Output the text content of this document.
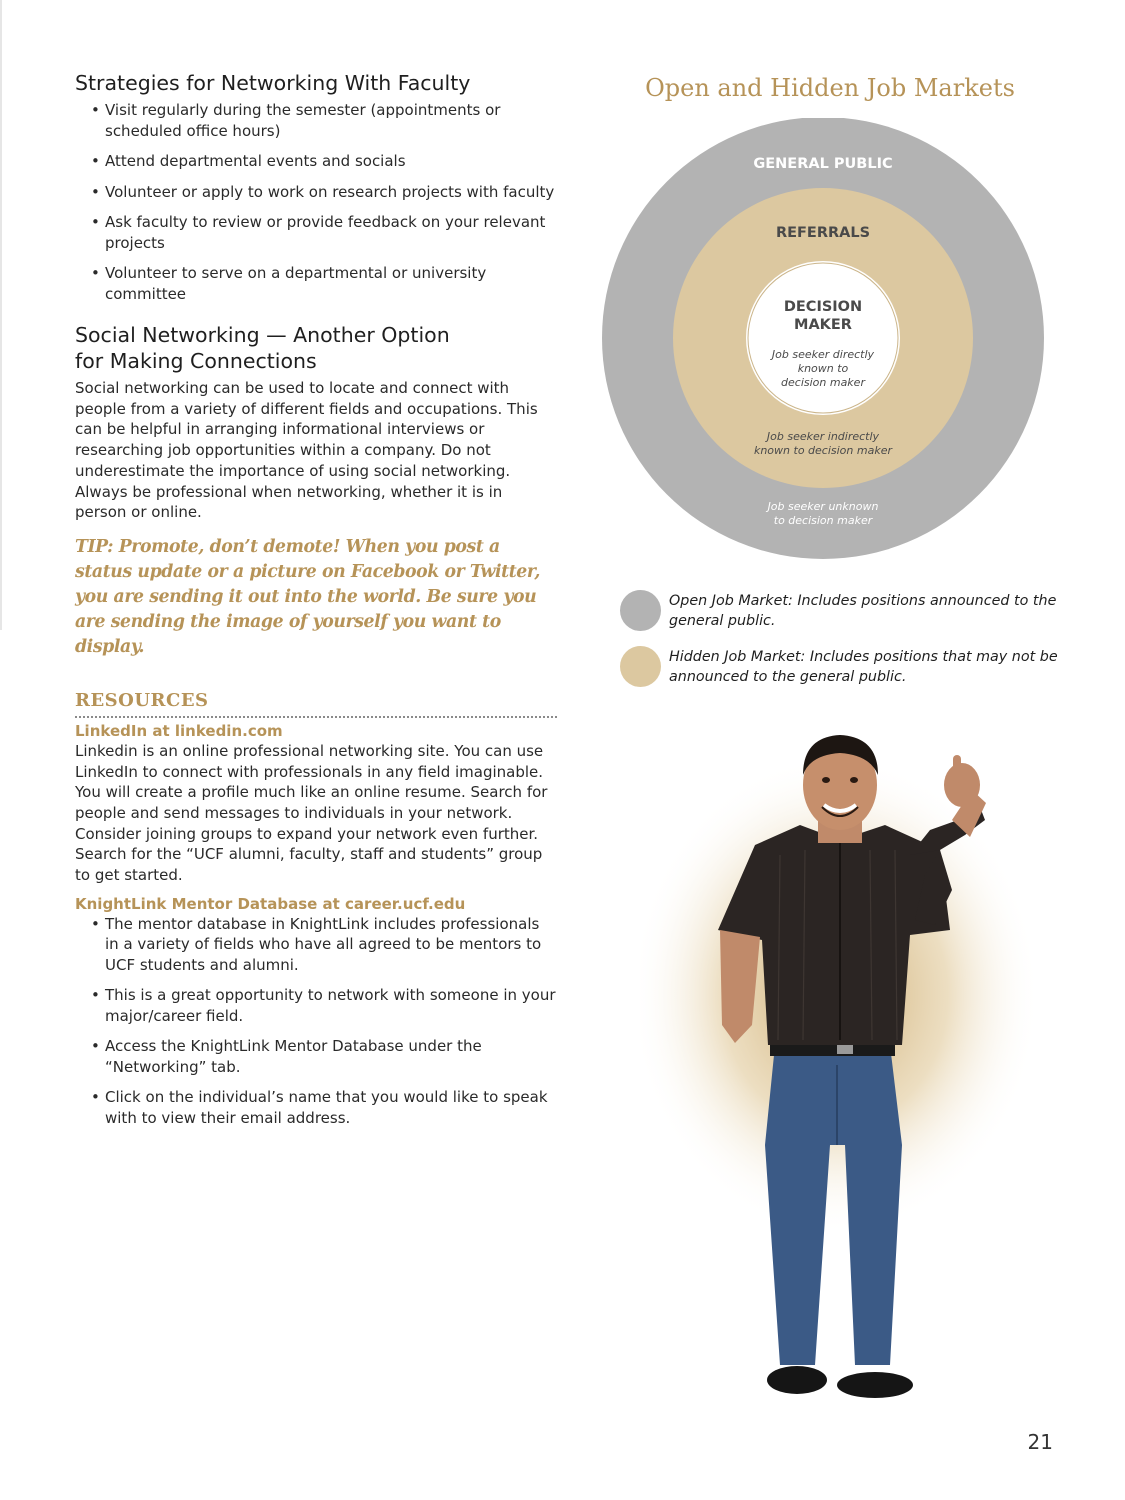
Strategies for Networking With Faculty
• Visit regularly during the semester (appointments or scheduled office hours)
• Attend departmental events and socials
• Volunteer or apply to work on research projects with faculty
• Ask faculty to review or provide feedback on your relevant projects
• Volunteer to serve on a departmental or university committee
Social Networking — Another Option
for Making Connections

Social networking can be used to locate and connect with people from a variety of different fields and occupations. This can be helpful in arranging informational interviews or researching job opportunities within a company. Do not underestimate the importance of using social networking. Always be professional when networking, whether it is in person or online.

TIP: Promote, don’t demote! When you post a status update or a picture on Facebook or Twitter, you are sending it out into the world. Be sure you are sending the image of yourself you want to display.

RESOURCES
LinkedIn at linkedin.com

Linkedin is an online professional networking site. You can use LinkedIn to connect with professionals in any field imaginable. You will create a profile much like an online resume. Search for people and send messages to individuals in your network. Consider joining groups to expand your network even further. Search for the “UCF alumni, faculty, staff and students” group to get started.

KnightLink Mentor Database at career.ucf.edu
• The mentor database in KnightLink includes professionals in a variety of fields who have all agreed to be mentors to UCF students and alumni.
• This is a great opportunity to network with someone in your major/career field.
• Access the KnightLink Mentor Database under the “Networking” tab.
• Click on the individual’s name that you would like to speak with to view their email address.
Open and Hidden Job Markets
GENERAL PUBLIC
REFERRALS
DECISION
MAKER
Job seeker directly
known to
decision maker
Job seeker indirectly
known to decision maker
Job seeker unknown
to decision maker
Open Job Market: Includes positions announced to the general public.
Hidden Job Market: Includes positions that may not be announced to the general public.
21
